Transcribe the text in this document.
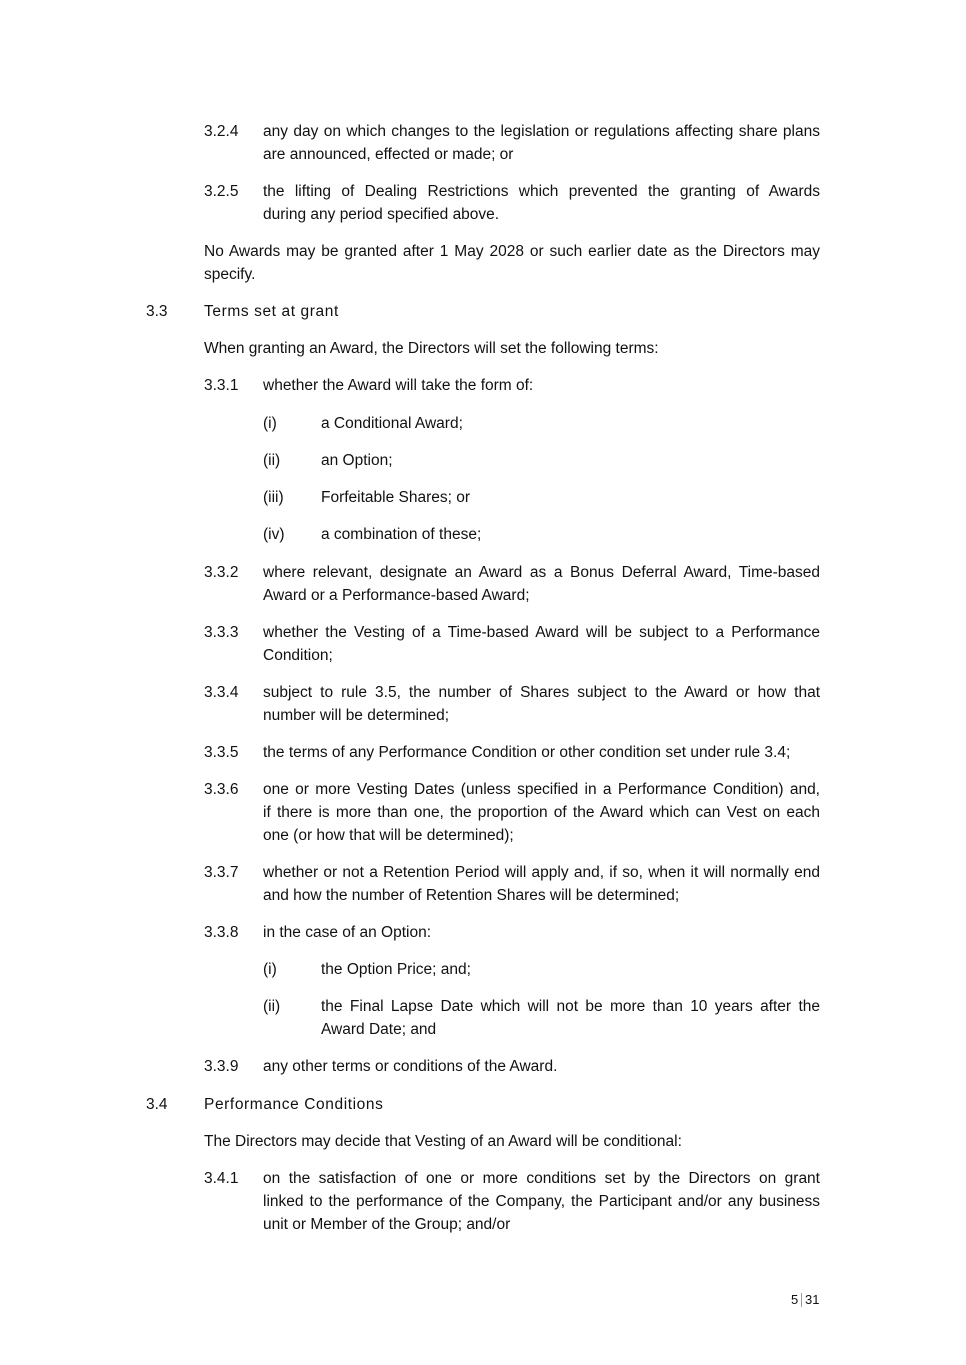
3.2.4 any day on which changes to the legislation or regulations affecting share plans
are announced, effected or made; or
3.2.5 the lifting of Dealing Restrictions which prevented the granting of Awards
during any period specified above.
No Awards may be granted after 1 May 2028 or such earlier date as the Directors may
specify.
3.3 Terms set at grant
When granting an Award, the Directors will set the following terms:
3.3.1 whether the Award will take the form of:
(i)	a Conditional Award;
(ii)	an Option;
(iii) Forfeitable Shares; or
(iv) a combination of these;
3.3.2 where relevant, designate an Award as a Bonus Deferral Award, Time-based
Award or a Performance-based Award;
3.3.3 whether the Vesting of a Time-based Award will be subject to a Performance
Condition;
3.3.4 subject to rule 3.5, the number of Shares subject to the Award or how that
number will be determined;
3.3.5 the terms of any Performance Condition or other condition set under rule 3.4;
3.3.6 one or more Vesting Dates (unless specified in a Performance Condition) and,
if there is more than one, the proportion of the Award which can Vest on each
one (or how that will be determined);
3.3.7 whether or not a Retention Period will apply and, if so, when it will normally end
and how the number of Retention Shares will be determined;
3.3.8 in the case of an Option:
(i)	the Option Price; and;
(ii)	the Final Lapse Date which will not be more than 10 years after the
Award Date; and
3.3.9 any other terms or conditions of the Award.
3.4 Performance Conditions
The Directors may decide that Vesting of an Award will be conditional:
3.4.1 on the satisfaction of one or more conditions set by the Directors on grant
linked to the performance of the Company, the Participant and/or any business
unit or Member of the Group; and/or
5 31
